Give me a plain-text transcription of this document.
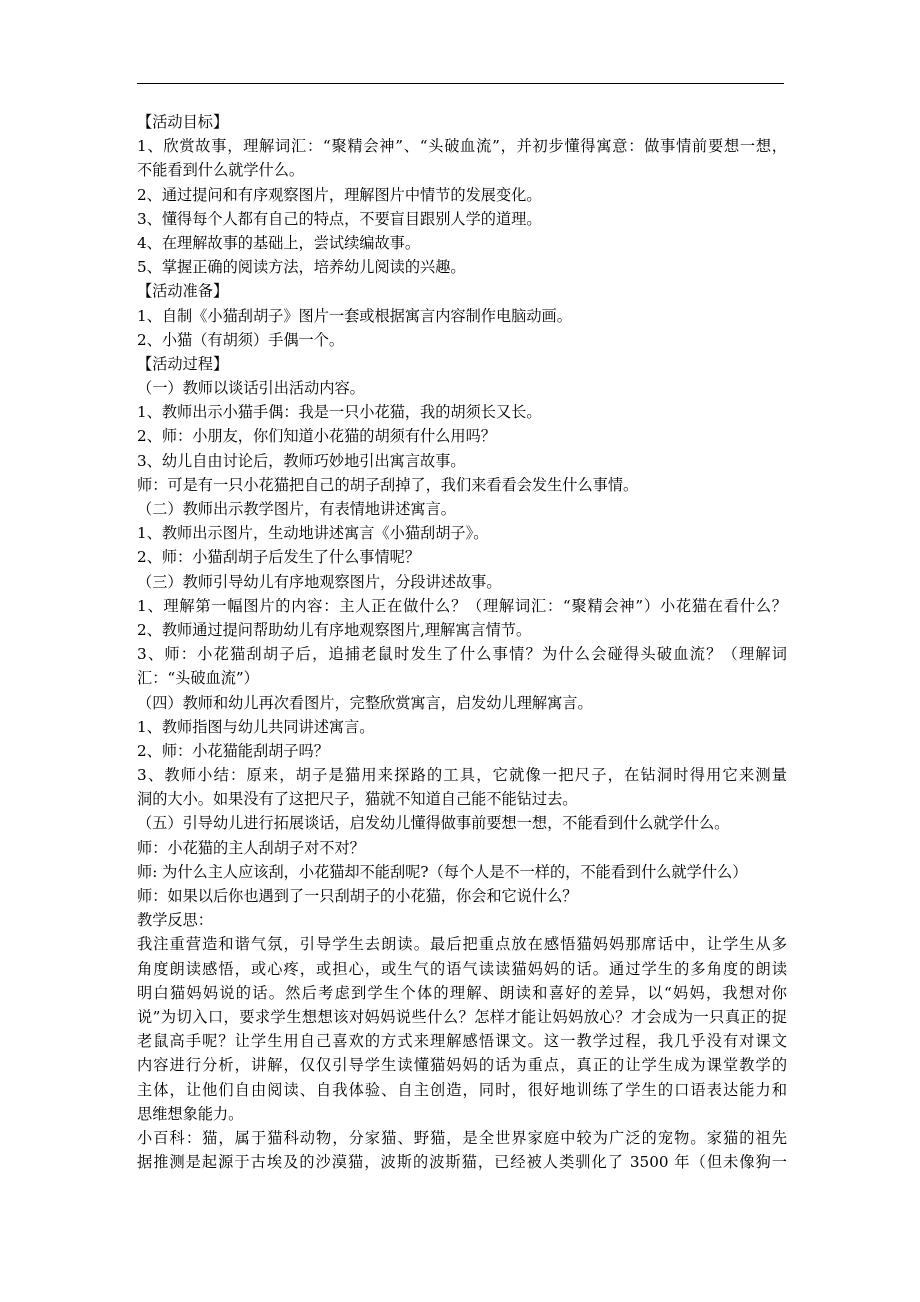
【活动目标】
1、欣赏故事，理解词汇：“聚精会神”、“头破血流”，并初步懂得寓意：做事情前要想一想，
不能看到什么就学什么。
2、通过提问和有序观察图片，理解图片中情节的发展变化。
3、懂得每个人都有自己的特点，不要盲目跟别人学的道理。
4、在理解故事的基础上，尝试续编故事。
5、掌握正确的阅读方法，培养幼儿阅读的兴趣。
【活动准备】
1、自制《小猫刮胡子》图片一套或根据寓言内容制作电脑动画。
2、小猫（有胡须）手偶一个。
【活动过程】
（一）教师以谈话引出活动内容。
1、教师出示小猫手偶：我是一只小花猫，我的胡须长又长。
2、师：小朋友，你们知道小花猫的胡须有什么用吗？
3、幼儿自由讨论后，教师巧妙地引出寓言故事。
师：可是有一只小花猫把自己的胡子刮掉了，我们来看看会发生什么事情。
（二）教师出示教学图片，有表情地讲述寓言。
1、教师出示图片，生动地讲述寓言《小猫刮胡子》。
2、师：小猫刮胡子后发生了什么事情呢？
（三）教师引导幼儿有序地观察图片，分段讲述故事。
1、理解第一幅图片的内容：主人正在做什么？（理解词汇：“聚精会神”）小花猫在看什么？
2、教师通过提问帮助幼儿有序地观察图片,理解寓言情节。
3、师：小花猫刮胡子后，追捕老鼠时发生了什么事情？为什么会碰得头破血流？（理解词
汇：“头破血流”）
（四）教师和幼儿再次看图片，完整欣赏寓言，启发幼儿理解寓言。
1、教师指图与幼儿共同讲述寓言。
2、师：小花猫能刮胡子吗？
3、教师小结：原来，胡子是猫用来探路的工具，它就像一把尺子，在钻洞时得用它来测量
洞的大小。如果没有了这把尺子，猫就不知道自己能不能钻过去。
（五）引导幼儿进行拓展谈话，启发幼儿懂得做事前要想一想，不能看到什么就学什么。
师：小花猫的主人刮胡子对不对？
师: 为什么主人应该刮，小花猫却不能刮呢?（每个人是不一样的，不能看到什么就学什么）
师：如果以后你也遇到了一只刮胡子的小花猫，你会和它说什么？
教学反思：
我注重营造和谐气氛，引导学生去朗读。最后把重点放在感悟猫妈妈那席话中，让学生从多
角度朗读感悟，或心疼，或担心，或生气的语气读读猫妈妈的话。通过学生的多角度的朗读
明白猫妈妈说的话。然后考虑到学生个体的理解、朗读和喜好的差异，以“妈妈，我想对你
说”为切入口，要求学生想想该对妈妈说些什么？怎样才能让妈妈放心？才会成为一只真正的捉
老鼠高手呢？让学生用自己喜欢的方式来理解感悟课文。这一教学过程，我几乎没有对课文
内容进行分析，讲解，仅仅引导学生读懂猫妈妈的话为重点，真正的让学生成为课堂教学的
主体，让他们自由阅读、自我体验、自主创造，同时，很好地训练了学生的口语表达能力和
思维想象能力。
小百科：猫，属于猫科动物，分家猫、野猫，是全世界家庭中较为广泛的宠物。家猫的祖先
据推测是起源于古埃及的沙漠猫，波斯的波斯猫，已经被人类驯化了 3500 年（但未像狗一
